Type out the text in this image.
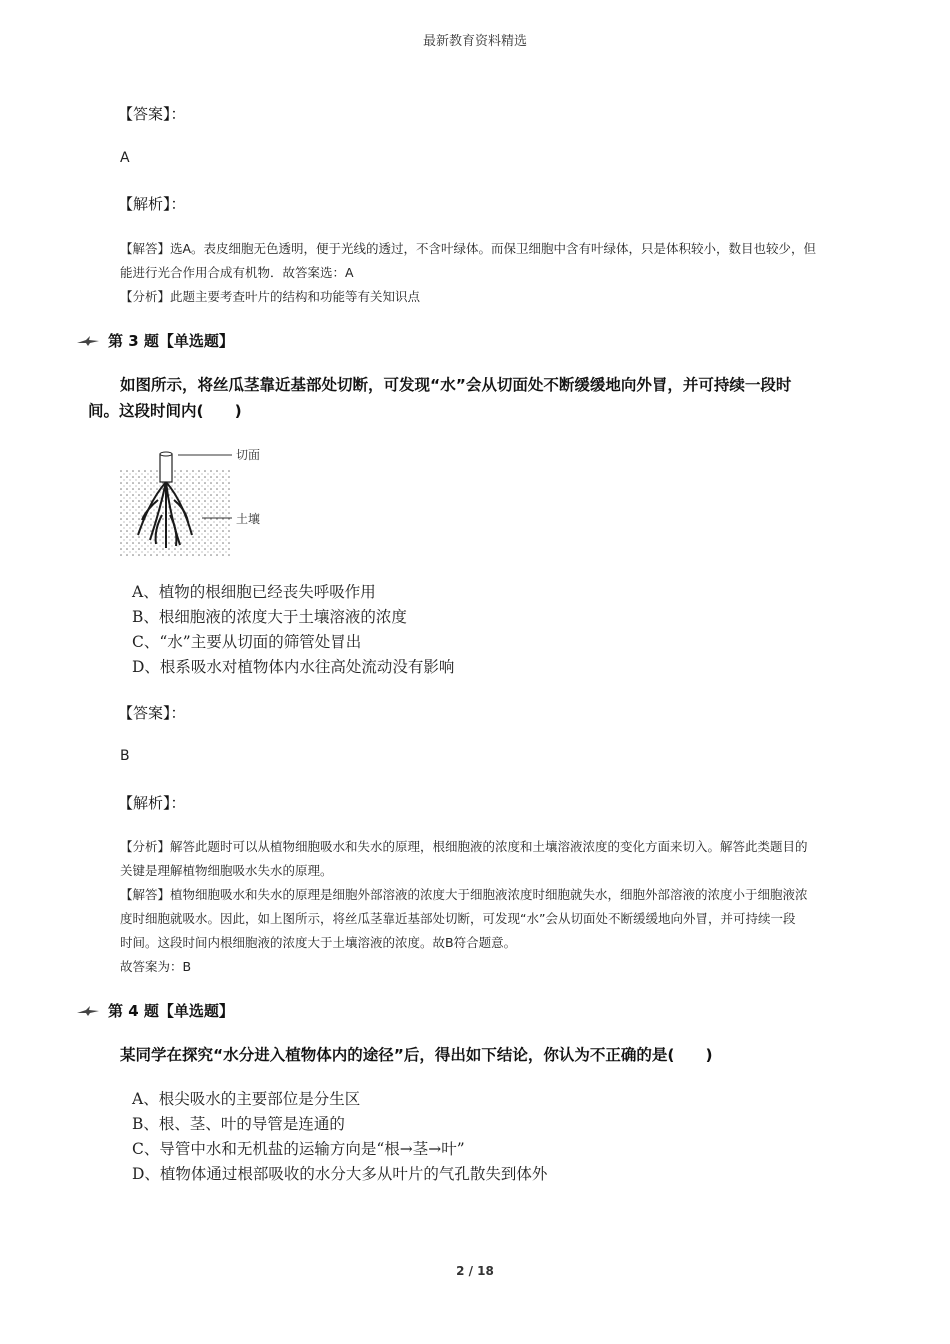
最新教育资料精选
【答案】：
A
【解析】：
【解答】选A。表皮细胞无色透明，便于光线的透过，不含叶绿体。而保卫细胞中含有叶绿体，只是体积较小，数目也较少，但
能进行光合作用合成有机物．故答案选：A
【分析】此题主要考查叶片的结构和功能等有关知识点
第 3 题【单选题】
如图所示，将丝瓜茎靠近基部处切断，可发现“水”会从切面处不断缓缓地向外冒，并可持续一段时
间。这段时间内(　　)
切面
土壤
A、植物的根细胞已经丧失呼吸作用
B、根细胞液的浓度大于土壤溶液的浓度
C、“水”主要从切面的筛管处冒出
D、根系吸水对植物体内水往高处流动没有影响
【答案】：
B
【解析】：
【分析】解答此题时可以从植物细胞吸水和失水的原理，根细胞液的浓度和土壤溶液浓度的变化方面来切入。解答此类题目的
关键是理解植物细胞吸水失水的原理。
【解答】植物细胞吸水和失水的原理是细胞外部溶液的浓度大于细胞液浓度时细胞就失水，细胞外部溶液的浓度小于细胞液浓
度时细胞就吸水。因此，如上图所示，将丝瓜茎靠近基部处切断，可发现“水”会从切面处不断缓缓地向外冒，并可持续一段
时间。这段时间内根细胞液的浓度大于土壤溶液的浓度。故B符合题意。
故答案为：B
第 4 题【单选题】
某同学在探究“水分进入植物体内的途径”后，得出如下结论，你认为不正确的是(　　)
A、根尖吸水的主要部位是分生区
B、根、茎、叶的导管是连通的
C、导管中水和无机盐的运输方向是“根→茎→叶”
D、植物体通过根部吸收的水分大多从叶片的气孔散失到体外
2 / 18
